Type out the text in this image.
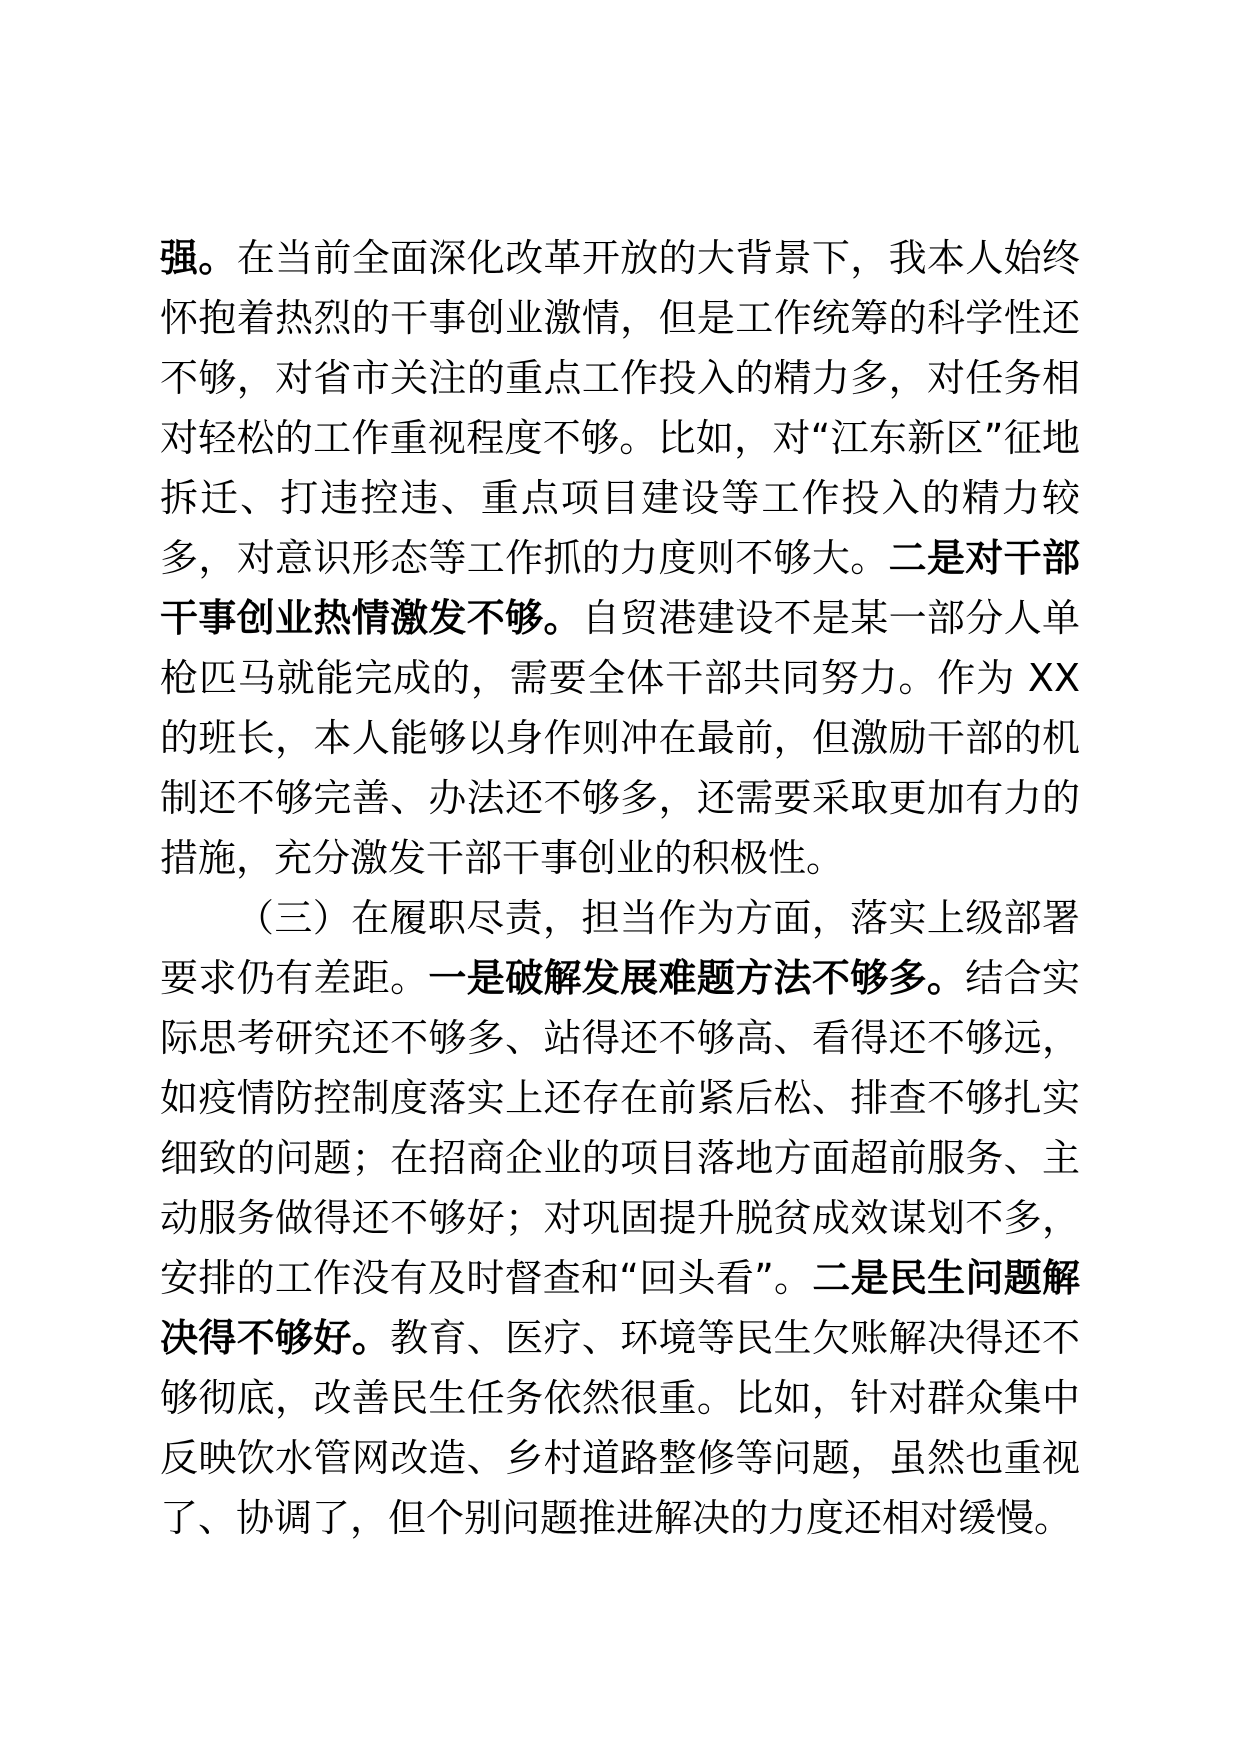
强。在当前全面深化改革开放的大背景下，我本人始终怀抱着热烈的干事创业激情，但是工作统筹的科学性还不够，对省市关注的重点工作投入的精力多，对任务相对轻松的工作重视程度不够。比如，对“江东新区”征地拆迁、打违控违、重点项目建设等工作投入的精力较多，对意识形态等工作抓的力度则不够大。二是对干部干事创业热情激发不够。自贸港建设不是某一部分人单枪匹马就能完成的，需要全体干部共同努力。作为 XX 的班长，本人能够以身作则冲在最前，但激励干部的机制还不够完善、办法还不够多，还需要采取更加有力的措施，充分激发干部干事创业的积极性。

（三）在履职尽责，担当作为方面，落实上级部署要求仍有差距。一是破解发展难题方法不够多。结合实际思考研究还不够多、站得还不够高、看得还不够远，如疫情防控制度落实上还存在前紧后松、排查不够扎实细致的问题；在招商企业的项目落地方面超前服务、主动服务做得还不够好；对巩固提升脱贫成效谋划不多，安排的工作没有及时督查和“回头看”。二是民生问题解决得不够好。教育、医疗、环境等民生欠账解决得还不够彻底，改善民生任务依然很重。比如，针对群众集中反映饮水管网改造、乡村道路整修等问题，虽然也重视了、协调了，但个别问题推进解决的力度还相对缓慢。
